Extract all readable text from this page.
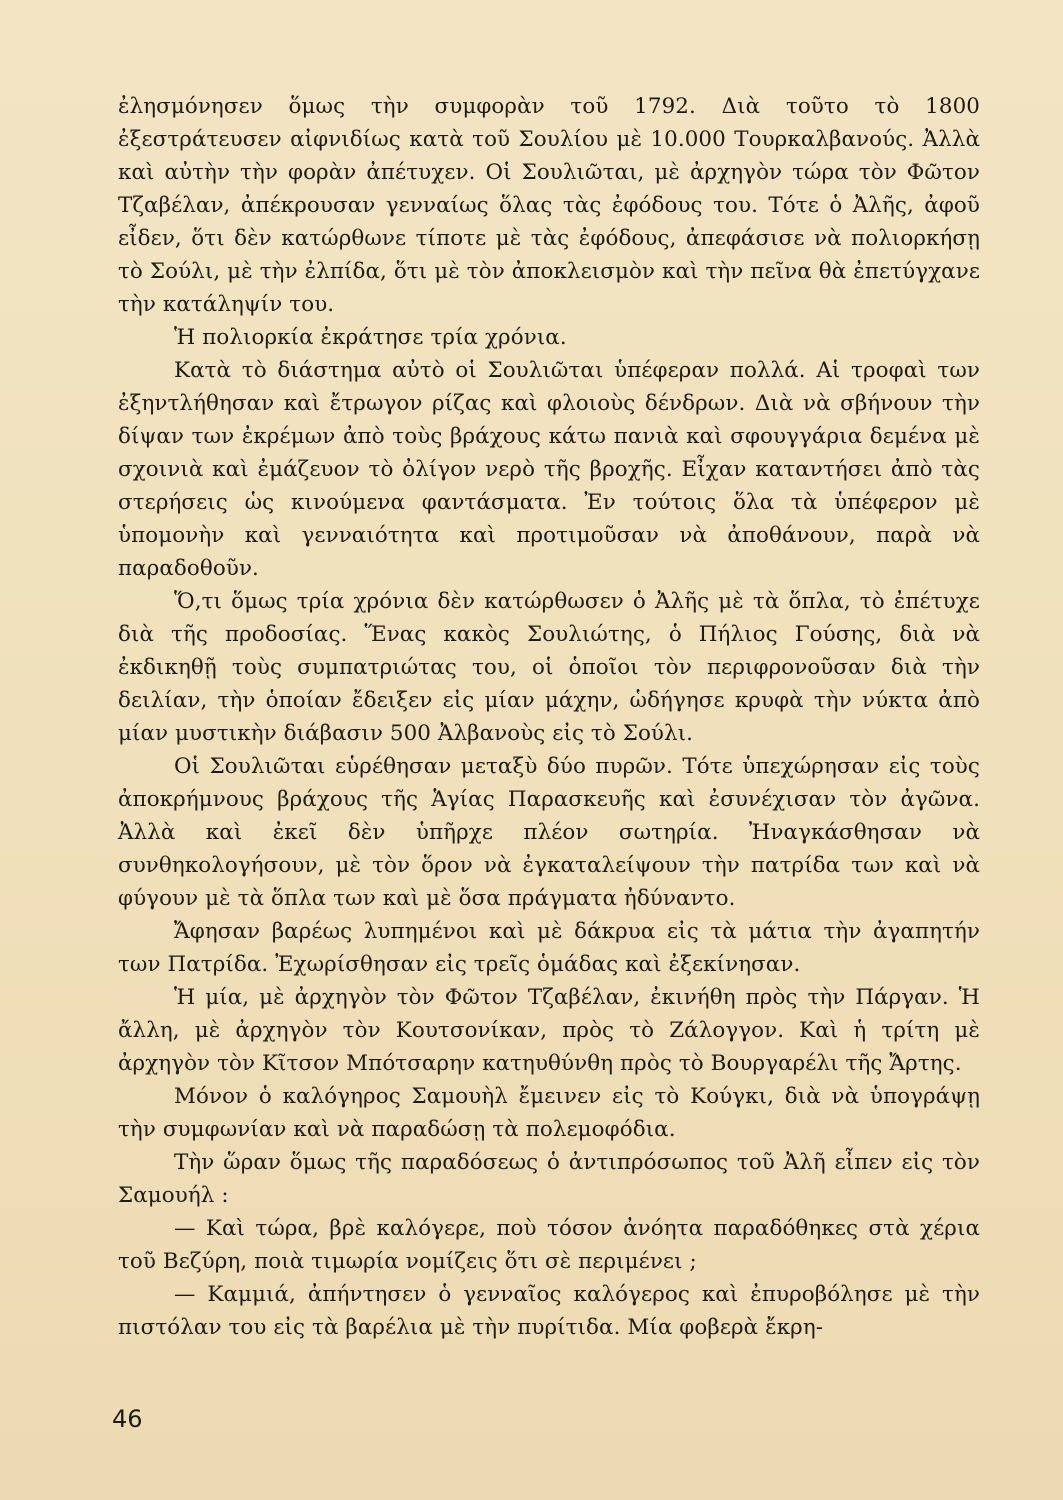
ἐλησμόνησεν ὅμως τὴν συμφορὰν τοῦ 1792. Διὰ τοῦτο τὸ 1800 ἐξεστράτευσεν αἰφνιδίως κατὰ τοῦ Σουλίου μὲ 10.000 Τουρκαλβανούς. Ἀλλὰ καὶ αὐτὴν τὴν φορὰν ἀπέτυχεν. Οἱ Σουλιῶται, μὲ ἀρχηγὸν τώρα τὸν Φῶτον Τζαβέλαν, ἀπέκρουσαν γενναίως ὅλας τὰς ἐφόδους του. Τότε ὁ Ἀλῆς, ἀφοῦ εἶδεν, ὅτι δὲν κατώρθωνε τίποτε μὲ τὰς ἐφόδους, ἀπεφάσισε νὰ πολιορκήσῃ τὸ Σούλι, μὲ τὴν ἐλπίδα, ὅτι μὲ τὸν ἀποκλεισμὸν καὶ τὴν πεῖνα θὰ ἐπετύγχανε τὴν κατάληψίν του.

Ἡ πολιορκία ἐκράτησε τρία χρόνια.

Κατὰ τὸ διάστημα αὐτὸ οἱ Σουλιῶται ὑπέφεραν πολλά. Αἱ τροφαὶ των ἐξηντλήθησαν καὶ ἔτρωγον ρίζας καὶ φλοιοὺς δένδρων. Διὰ νὰ σβήνουν τὴν δίψαν των ἐκρέμων ἀπὸ τοὺς βράχους κάτω πανιὰ καὶ σφουγγάρια δεμένα μὲ σχοινιὰ καὶ ἐμάζευον τὸ ὀλίγον νερὸ τῆς βροχῆς. Εἶχαν καταντήσει ἀπὸ τὰς στερήσεις ὡς κινούμενα φαντάσματα. Ἐν τούτοις ὅλα τὰ ὑπέφερον μὲ ὑπομονὴν καὶ γενναιότητα καὶ προτιμοῦσαν νὰ ἀποθάνουν, παρὰ νὰ παραδοθοῦν.

Ὅ,τι ὅμως τρία χρόνια δὲν κατώρθωσεν ὁ Ἀλῆς μὲ τὰ ὅπλα, τὸ ἐπέτυχε διὰ τῆς προδοσίας. Ἕνας κακὸς Σουλιώτης, ὁ Πήλιος Γούσης, διὰ νὰ ἐκδικηθῇ τοὺς συμπατριώτας του, οἱ ὁποῖοι τὸν περιφρονοῦσαν διὰ τὴν δειλίαν, τὴν ὁποίαν ἔδειξεν εἰς μίαν μάχην, ὡδήγησε κρυφὰ τὴν νύκτα ἀπὸ μίαν μυστικὴν διάβασιν 500 Ἀλβανοὺς εἰς τὸ Σούλι.

Οἱ Σουλιῶται εὑρέθησαν μεταξὺ δύο πυρῶν. Τότε ὑπεχώρησαν εἰς τοὺς ἀποκρήμνους βράχους τῆς Ἁγίας Παρασκευῆς καὶ ἐσυνέχισαν τὸν ἀγῶνα. Ἀλλὰ καὶ ἐκεῖ δὲν ὑπῆρχε πλέον σωτηρία. Ἠναγκάσθησαν νὰ συνθηκολογήσουν, μὲ τὸν ὅρον νὰ ἐγκαταλείψουν τὴν πατρίδα των καὶ νὰ φύγουν μὲ τὰ ὅπλα των καὶ μὲ ὅσα πράγματα ἠδύναντο.

Ἄφησαν βαρέως λυπημένοι καὶ μὲ δάκρυα εἰς τὰ μάτια τὴν ἀγαπητήν των Πατρίδα. Ἐχωρίσθησαν εἰς τρεῖς ὁμάδας καὶ ἐξεκίνησαν.

Ἡ μία, μὲ ἀρχηγὸν τὸν Φῶτον Τζαβέλαν, ἐκινήθη πρὸς τὴν Πάργαν. Ἡ ἄλλη, μὲ ἀρχηγὸν τὸν Κουτσονίκαν, πρὸς τὸ Ζάλογγον. Καὶ ἡ τρίτη μὲ ἀρχηγὸν τὸν Κῖτσον Μπότσαρην κατηυθύνθη πρὸς τὸ Βουργαρέλι τῆς Ἄρτης.

Μόνον ὁ καλόγηρος Σαμουὴλ ἔμεινεν εἰς τὸ Κούγκι, διὰ νὰ ὑπογράψῃ τὴν συμφωνίαν καὶ νὰ παραδώσῃ τὰ πολεμοφόδια.

Τὴν ὥραν ὅμως τῆς παραδόσεως ὁ ἀντιπρόσωπος τοῦ Ἀλῆ εἶπεν εἰς τὸν Σαμουήλ :

— Καὶ τώρα, βρὲ καλόγερε, ποὺ τόσον ἀνόητα παραδόθηκες στὰ χέρια τοῦ Βεζύρη, ποιὰ τιμωρία νομίζεις ὅτι σὲ περιμένει ;

— Καμμιά, ἀπήντησεν ὁ γενναῖος καλόγερος καὶ ἐπυροβόλησε μὲ τὴν πιστόλαν του εἰς τὰ βαρέλια μὲ τὴν πυρίτιδα. Μία φοβερὰ ἔκρη-

46
